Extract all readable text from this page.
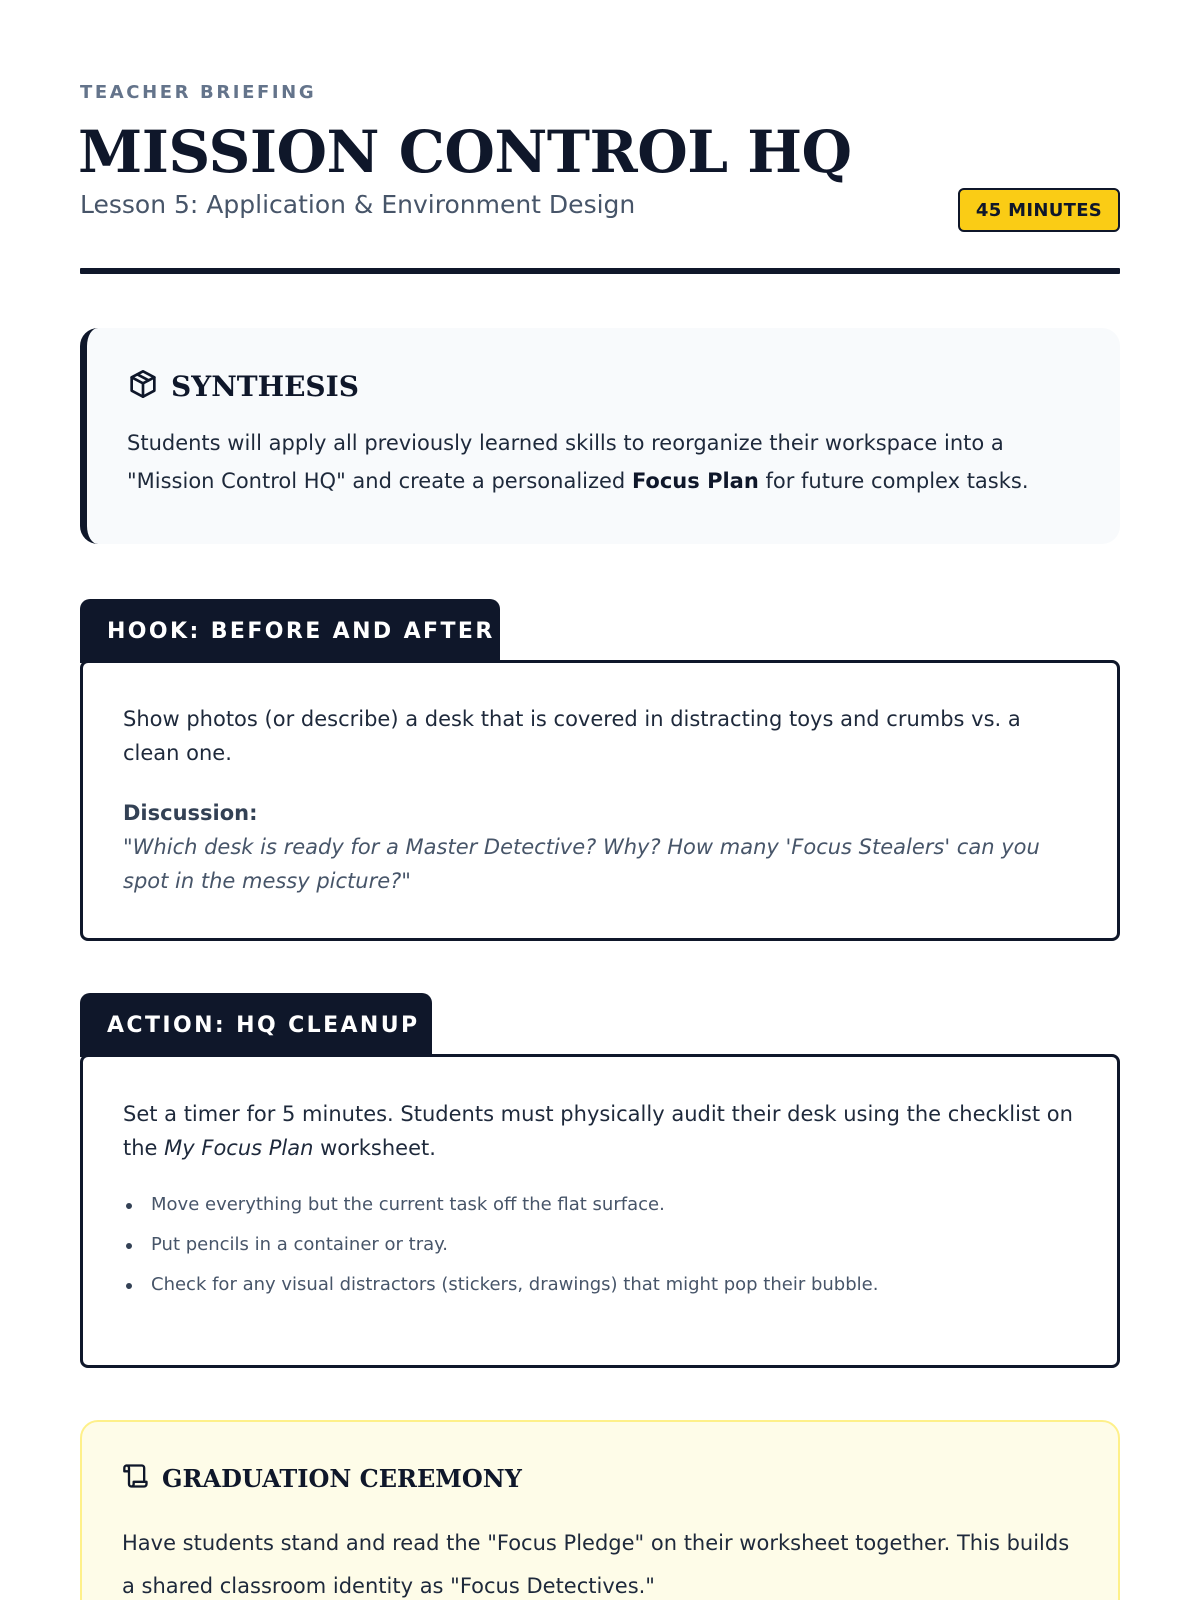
TEACHER BRIEFING
MISSION CONTROL HQ
Lesson 5: Application & Environment Design	45 MINUTES
SYNTHESIS

Students will apply all previously learned skills to reorganize their workspace into a "Mission Control HQ" and create a personalized Focus Plan for future complex tasks.

HOOK: BEFORE AND AFTER

Show photos (or describe) a desk that is covered in distracting toys and crumbs vs. a clean one.

Discussion:

"Which desk is ready for a Master Detective? Why? How many 'Focus Stealers' can you spot in the messy picture?"

ACTION: HQ CLEANUP

Set a timer for 5 minutes. Students must physically audit their desk using the checklist on the My Focus Plan worksheet.

Move everything but the current task off the flat surface.
Put pencils in a container or tray.
Check for any visual distractors (stickers, drawings) that might pop their bubble.
GRADUATION CEREMONY

Have students stand and read the "Focus Pledge" on their worksheet together. This builds a shared classroom identity as "Focus Detectives."
